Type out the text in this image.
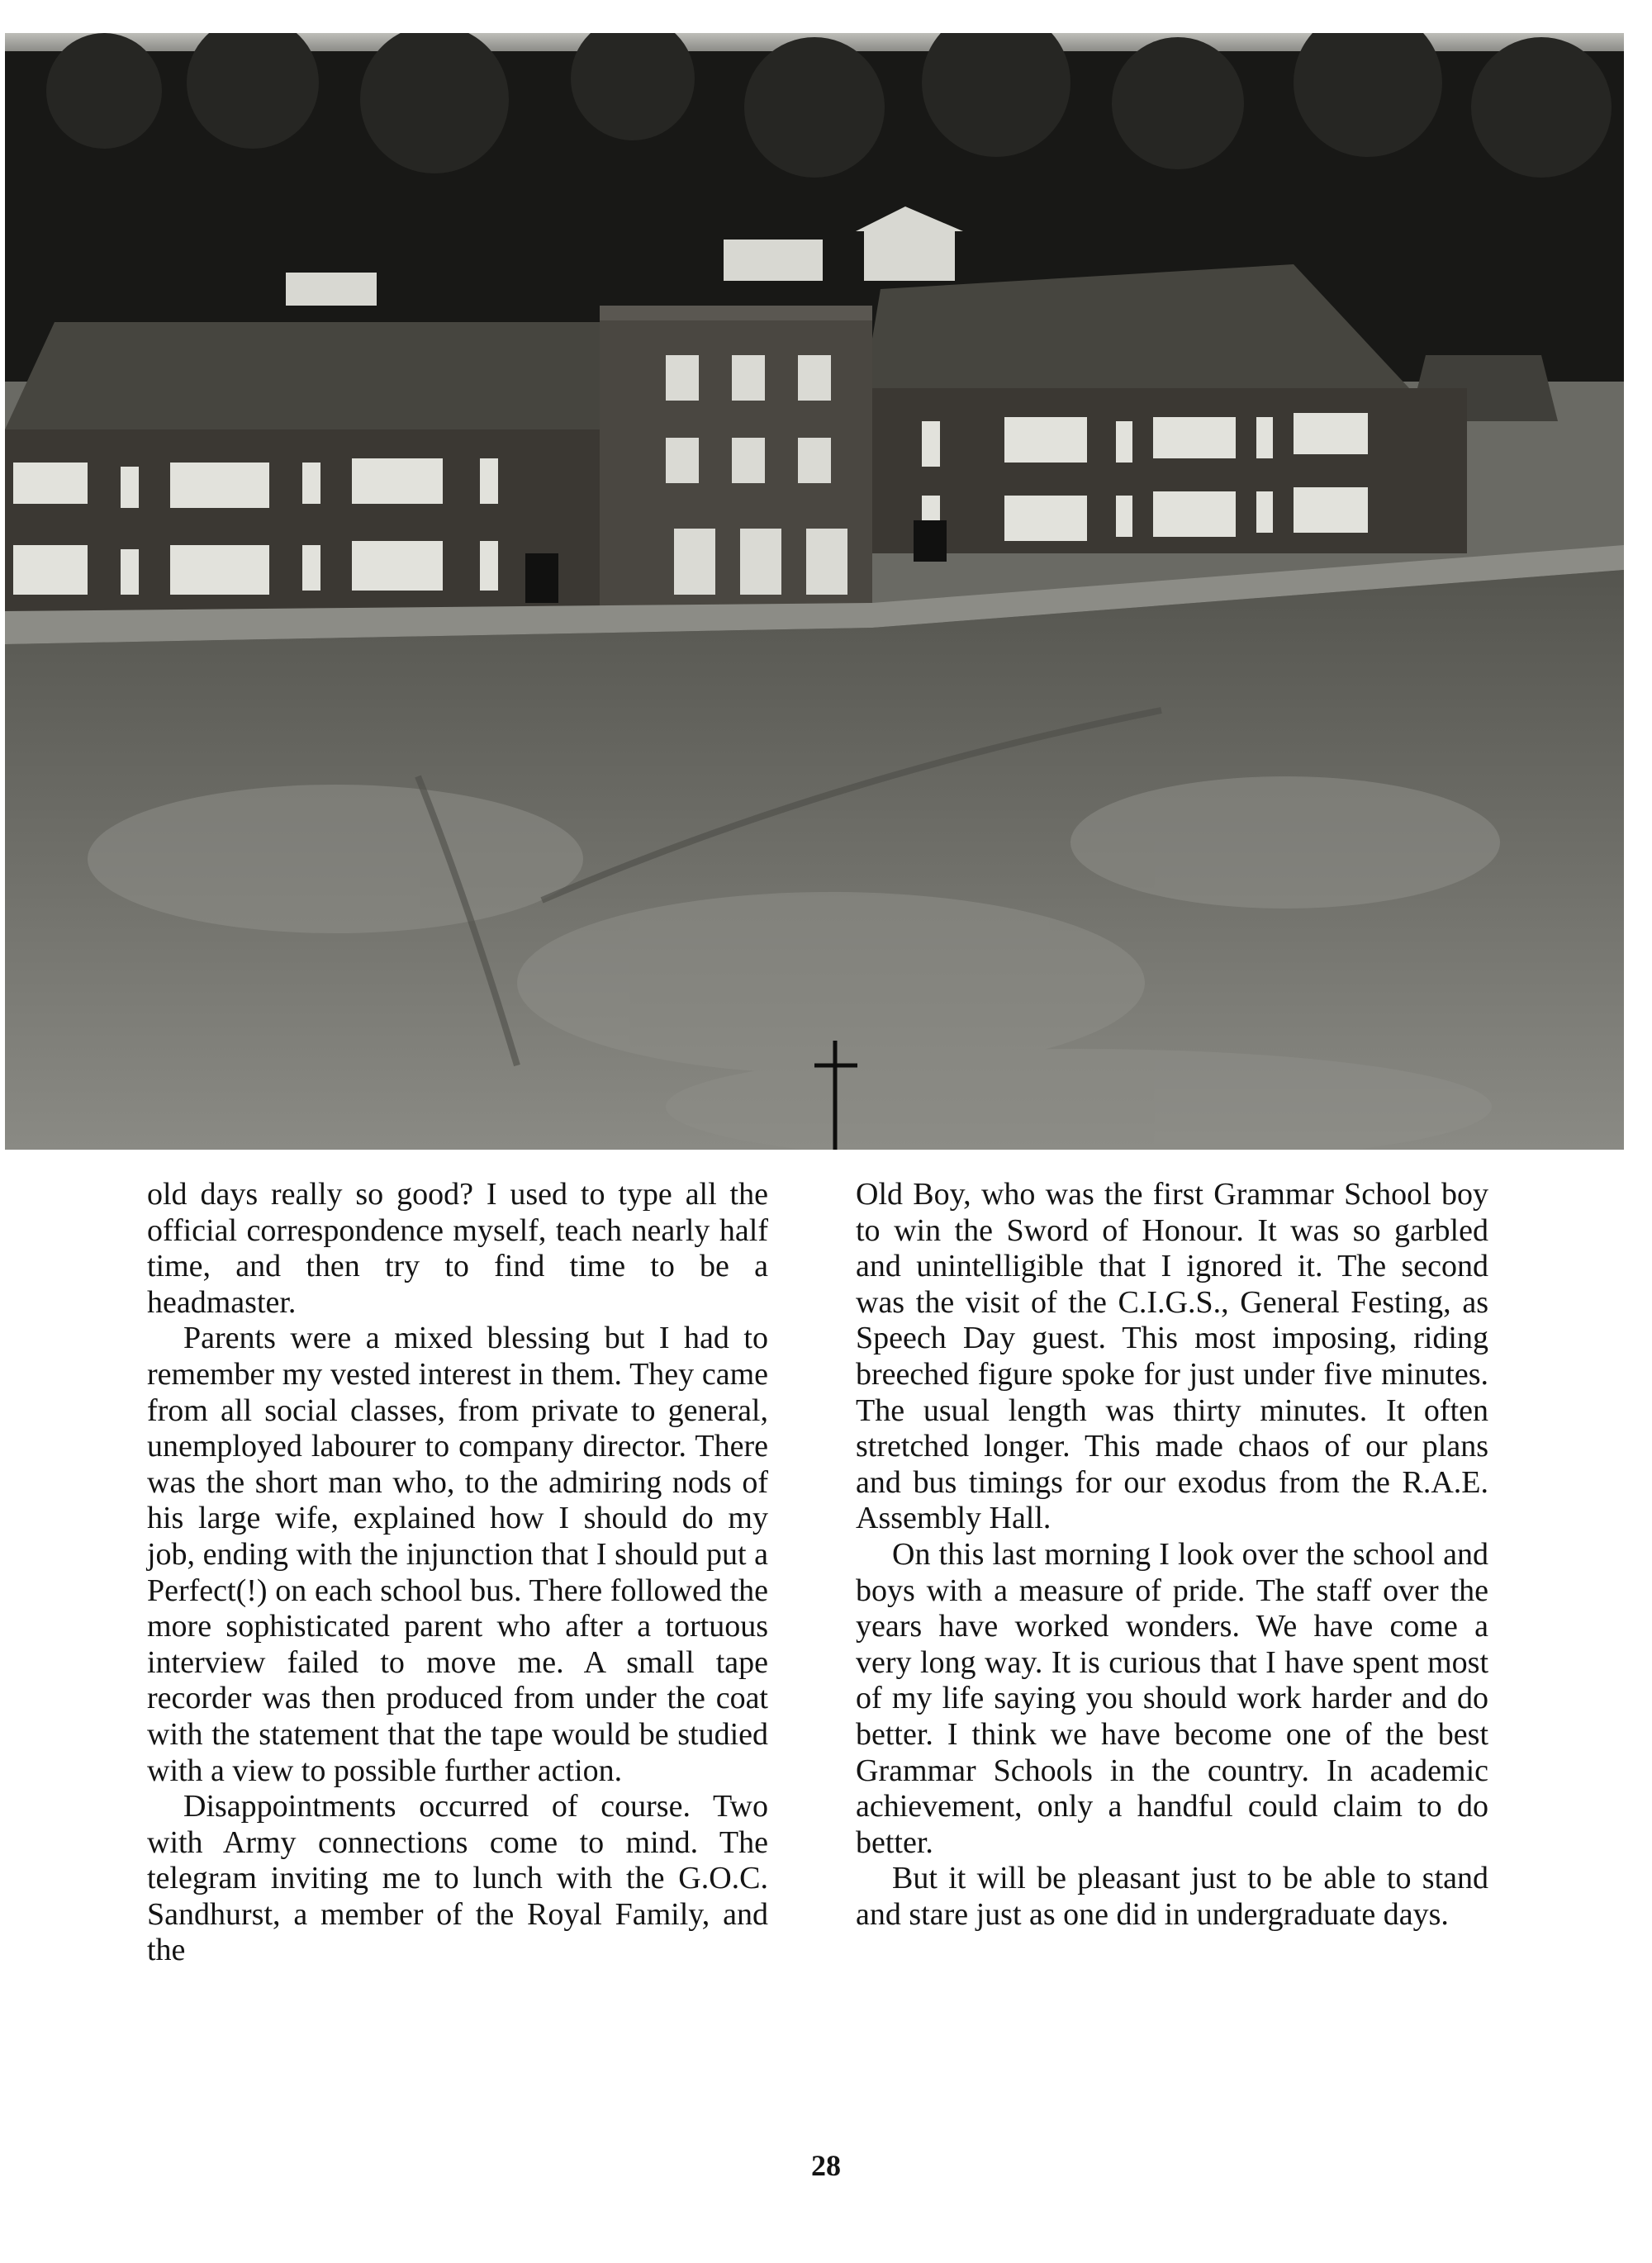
old days really so good? I used to type all the official correspondence myself, teach nearly half time, and then try to find time to be a headmaster.

Parents were a mixed blessing but I had to remember my vested interest in them. They came from all social classes, from private to general, unemployed labourer to company director. There was the short man who, to the admiring nods of his large wife, explained how I should do my job, ending with the injunction that I should put a Perfect(!) on each school bus. There followed the more sophisticated parent who after a tortuous interview failed to move me. A small tape recorder was then produced from under the coat with the statement that the tape would be studied with a view to possible further action.

Disappointments occurred of course. Two with Army connections come to mind. The telegram inviting me to lunch with the G.O.C. Sandhurst, a member of the Royal Family, and the

Old Boy, who was the first Grammar School boy to win the Sword of Honour. It was so garbled and unintelligible that I ignored it. The second was the visit of the C.I.G.S., General Festing, as Speech Day guest. This most imposing, riding breeched figure spoke for just under five minutes. The usual length was thirty minutes. It often stretched longer. This made chaos of our plans and bus timings for our exodus from the R.A.E. Assembly Hall.

On this last morning I look over the school and boys with a measure of pride. The staff over the years have worked wonders. We have come a very long way. It is curious that I have spent most of my life saying you should work harder and do better. I think we have become one of the best Grammar Schools in the country. In academic achievement, only a handful could claim to do better.

But it will be pleasant just to be able to stand and stare just as one did in undergraduate days.

28
